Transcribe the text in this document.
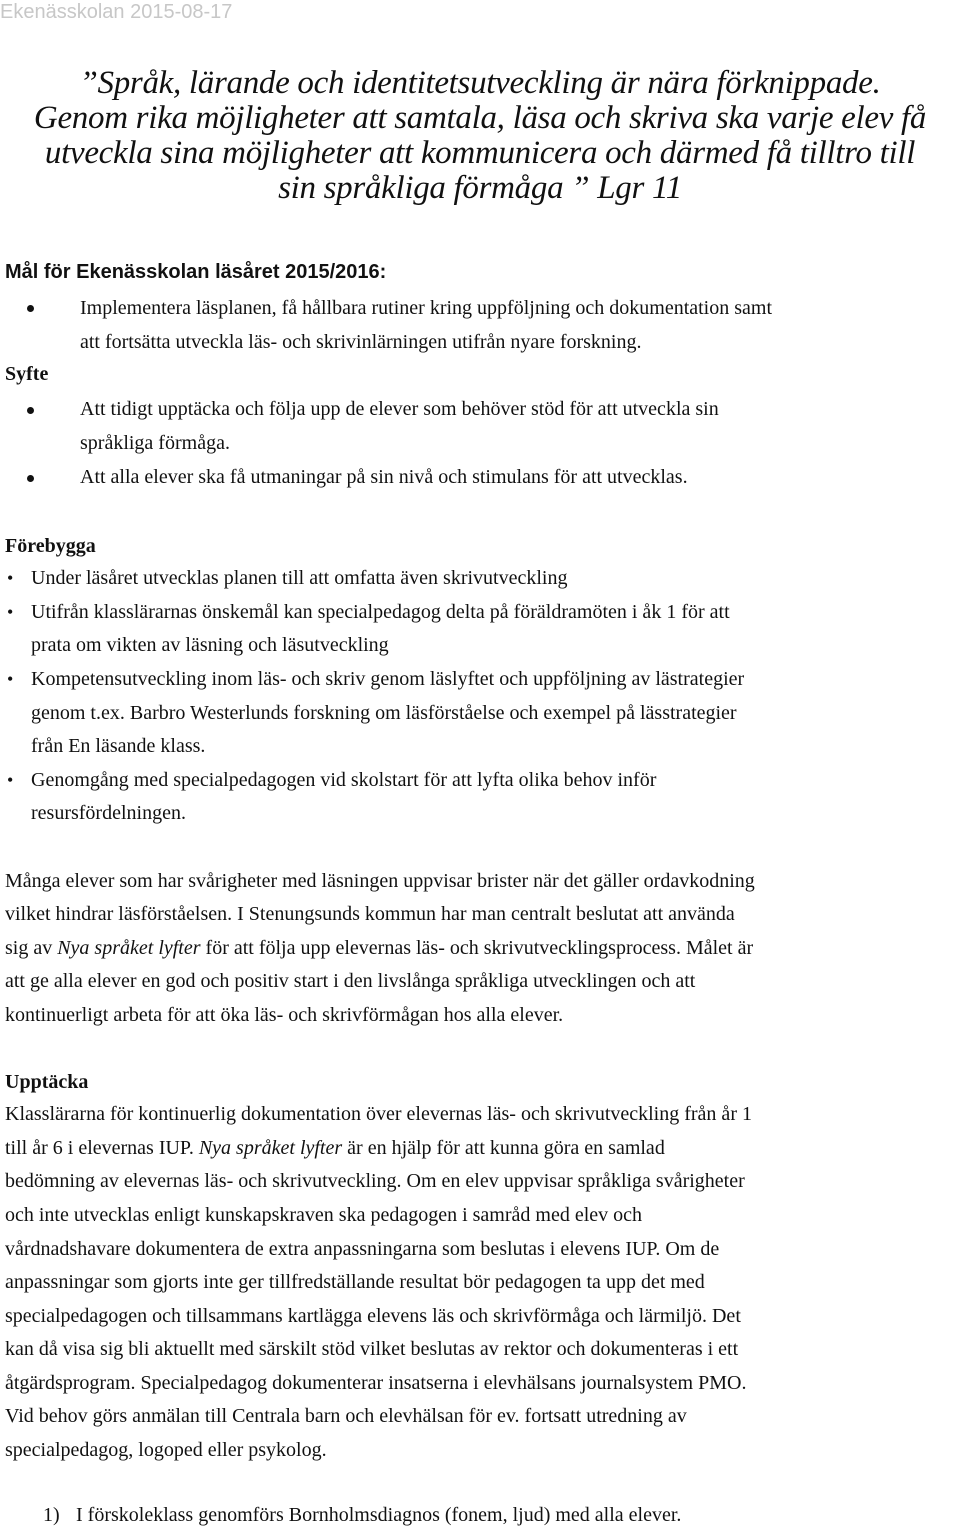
Ekenässkolan 2015-08-17
”Språk, lärande och identitetsutveckling är nära förknippade.
Genom rika möjligheter att samtala, läsa och skriva ska varje elev få
utveckla sina möjligheter att kommunicera och därmed få tilltro till
sin språkliga förmåga ” Lgr 11
Mål för Ekenässkolan läsåret 2015/2016:
Implementera läsplanen, få hållbara rutiner kring uppföljning och dokumentation samt
att fortsätta utveckla läs- och skrivinlärningen utifrån nyare forskning.
Syfte
Att tidigt upptäcka och följa upp de elever som behöver stöd för att utveckla sin
språkliga förmåga.
Att alla elever ska få utmaningar på sin nivå och stimulans för att utvecklas.
Förebygga
• Under läsåret utvecklas planen till att omfatta även skrivutveckling
• Utifrån klasslärarnas önskemål kan specialpedagog delta på föräldramöten i åk 1 för att
prata om vikten av läsning och läsutveckling
• Kompetensutveckling inom läs- och skriv genom läslyftet och uppföljning av lästrategier
genom t.ex. Barbro Westerlunds forskning om läsförståelse och exempel på lässtrategier
från En läsande klass.
• Genomgång med specialpedagogen vid skolstart för att lyfta olika behov inför
resursfördelningen.
Många elever som har svårigheter med läsningen uppvisar brister när det gäller ordavkodning
vilket hindrar läsförståelsen. I Stenungsunds kommun har man centralt beslutat att använda
sig av Nya språket lyfter för att följa upp elevernas läs- och skrivutvecklingsprocess. Målet är
att ge alla elever en god och positiv start i den livslånga språkliga utvecklingen och att
kontinuerligt arbeta för att öka läs- och skrivförmågan hos alla elever.
Upptäcka
Klasslärarna för kontinuerlig dokumentation över elevernas läs- och skrivutveckling från år 1
till år 6 i elevernas IUP. Nya språket lyfter är en hjälp för att kunna göra en samlad
bedömning av elevernas läs- och skrivutveckling. Om en elev uppvisar språkliga svårigheter
och inte utvecklas enligt kunskapskraven ska pedagogen i samråd med elev och
vårdnadshavare dokumentera de extra anpassningarna som beslutas i elevens IUP. Om de
anpassningar som gjorts inte ger tillfredställande resultat bör pedagogen ta upp det med
specialpedagogen och tillsammans kartlägga elevens läs och skrivförmåga och lärmiljö. Det
kan då visa sig bli aktuellt med särskilt stöd vilket beslutas av rektor och dokumenteras i ett
åtgärdsprogram. Specialpedagog dokumenterar insatserna i elevhälsans journalsystem PMO.
Vid behov görs anmälan till Centrala barn och elevhälsan för ev. fortsatt utredning av
specialpedagog, logoped eller psykolog.
1) I förskoleklass genomförs Bornholmsdiagnos (fonem, ljud) med alla elever.
